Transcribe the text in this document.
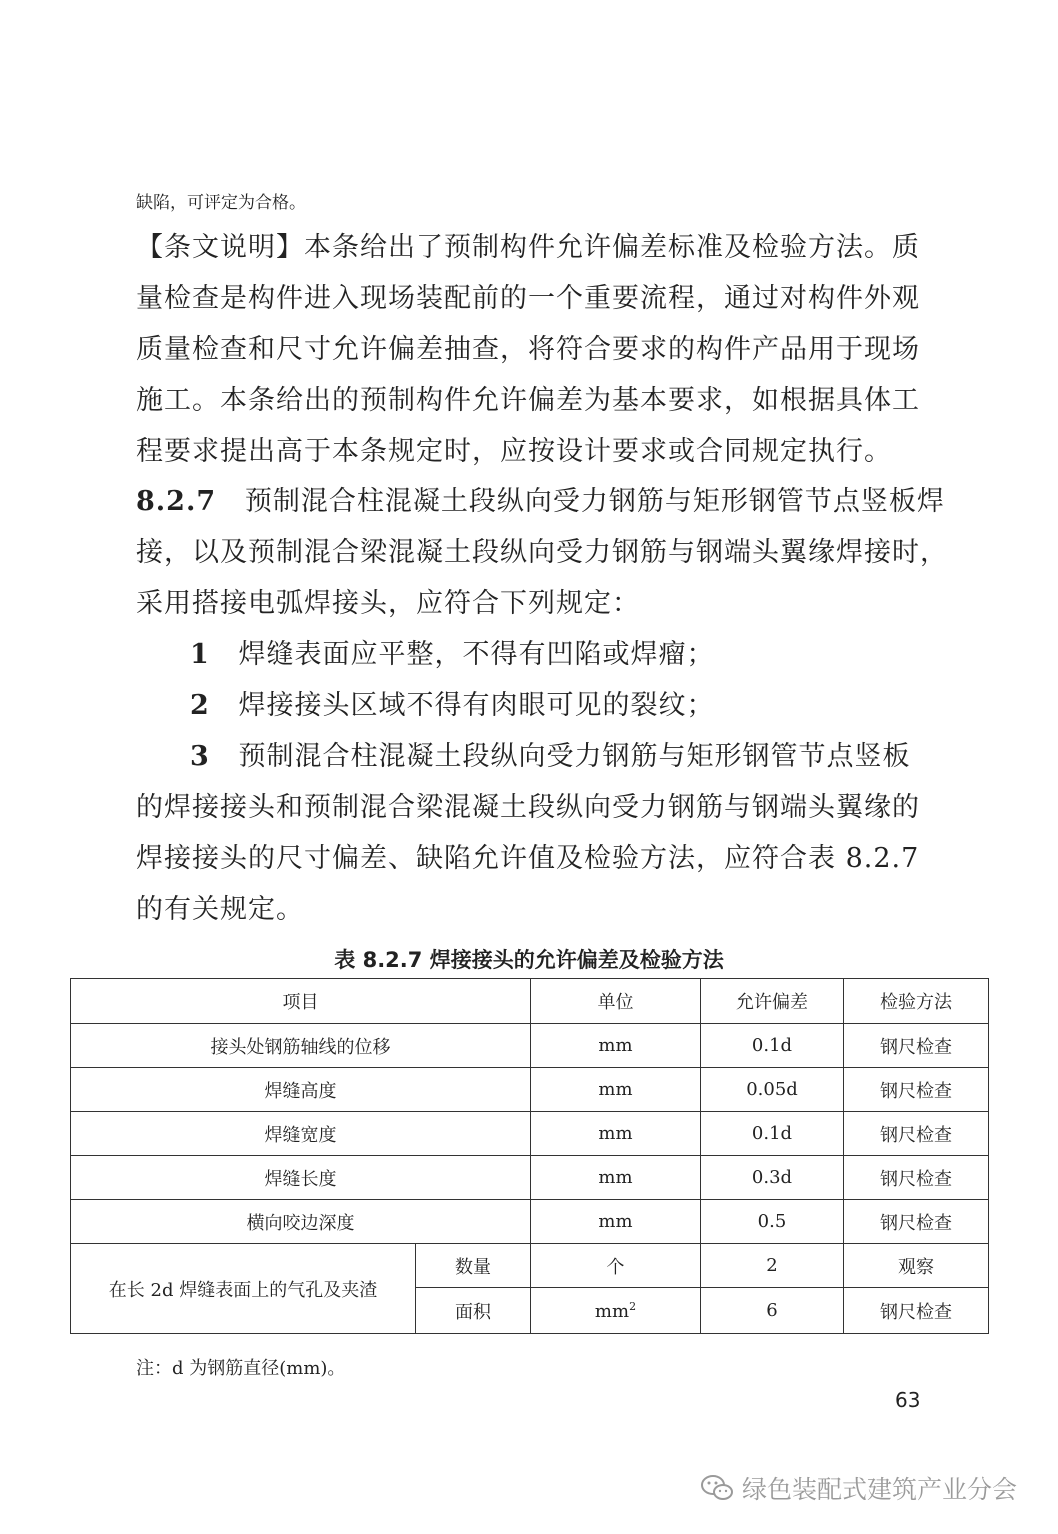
缺陷，可评定为合格。
【条文说明】本条给出了预制构件允许偏差标准及检验方法。质
量检查是构件进入现场装配前的一个重要流程，通过对构件外观
质量检查和尺寸允许偏差抽查，将符合要求的构件产品用于现场
施工。本条给出的预制构件允许偏差为基本要求，如根据具体工
程要求提出高于本条规定时，应按设计要求或合同规定执行。
8.2.7 预制混合柱混凝土段纵向受力钢筋与矩形钢管节点竖板焊
接，以及预制混合梁混凝土段纵向受力钢筋与钢端头翼缘焊接时，
采用搭接电弧焊接头，应符合下列规定：
1 焊缝表面应平整，不得有凹陷或焊瘤；
2 焊接接头区域不得有肉眼可见的裂纹；
3 预制混合柱混凝土段纵向受力钢筋与矩形钢管节点竖板
的焊接接头和预制混合梁混凝土段纵向受力钢筋与钢端头翼缘的
焊接接头的尺寸偏差、缺陷允许值及检验方法，应符合表 8.2.7
的有关规定。
表 8.2.7 焊接接头的允许偏差及检验方法
项目		单位	允许偏差	检验方法
接头处钢筋轴线的位移		mm	0.1d	钢尺检查
焊缝高度		mm	0.05d	钢尺检查
焊缝宽度		mm	0.1d	钢尺检查
焊缝长度		mm	0.3d	钢尺检查
横向咬边深度		mm	0.5	钢尺检查
在长 2d 焊缝表面上的气孔及夹渣	数量	个	2	观察
	面积	$mm^2$	6	钢尺检查
注：d 为钢筋直径(mm)。
63
绿色装配式建筑产业分会
